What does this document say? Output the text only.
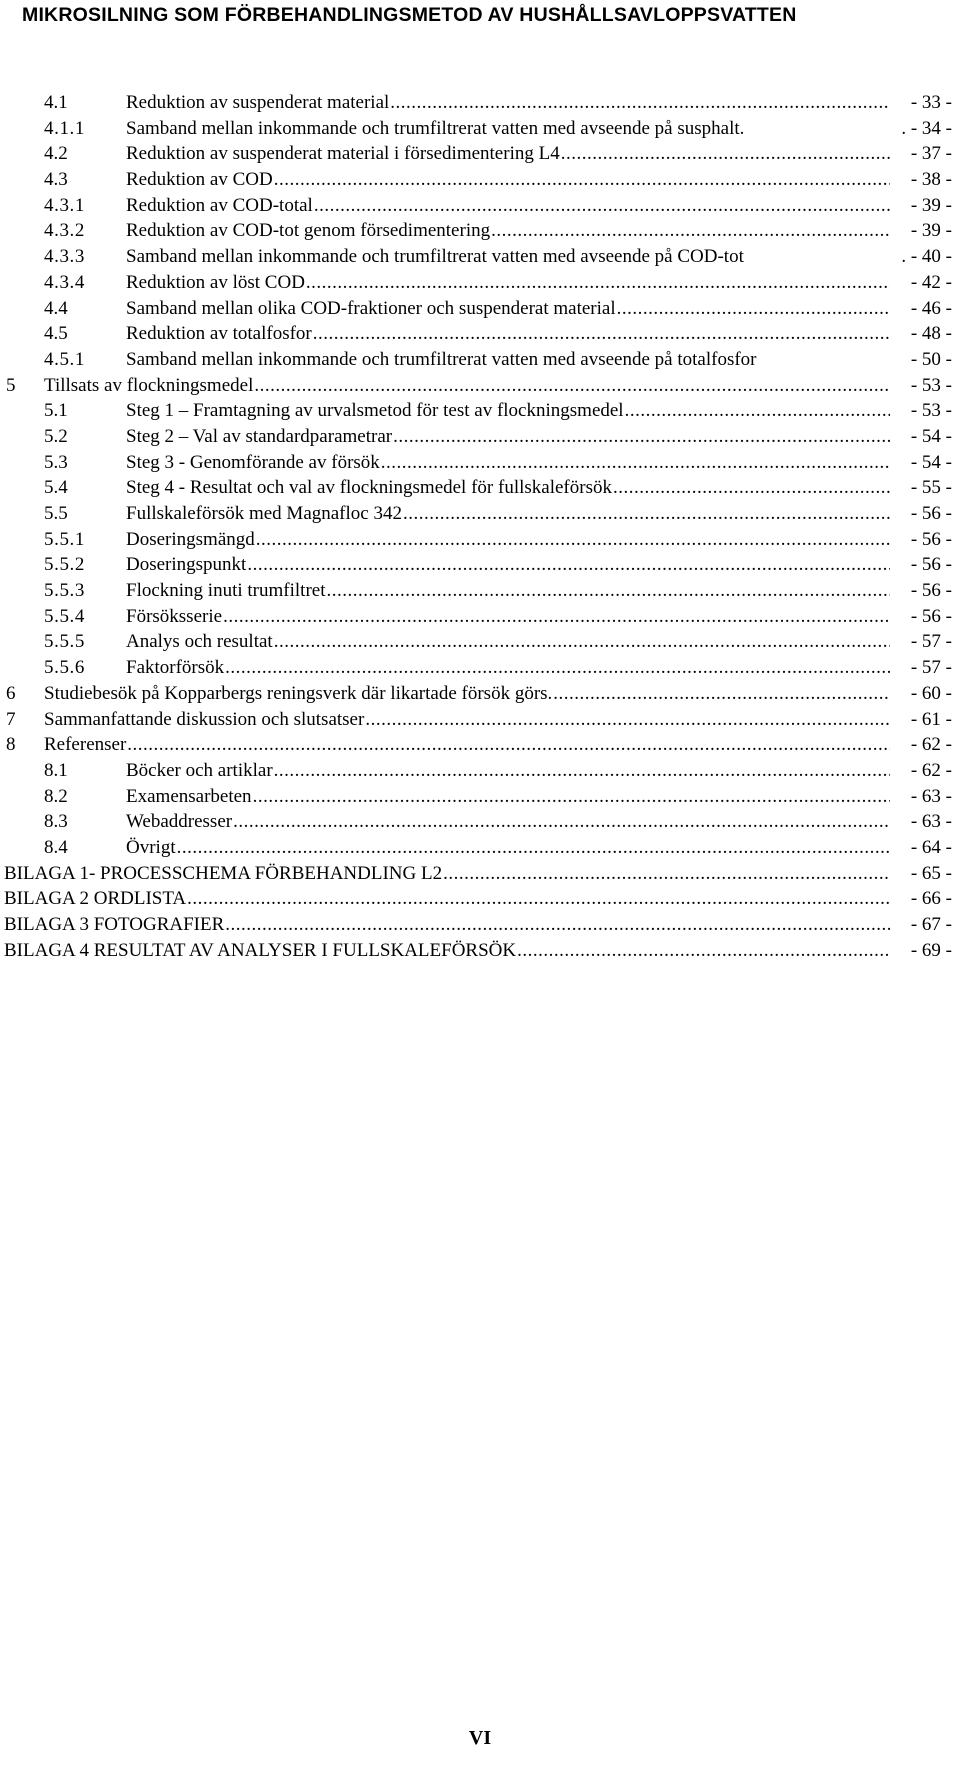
MIKROSILNING SOM FÖRBEHANDLINGSMETOD AV HUSHÅLLSAVLOPPSVATTEN
4.1	Reduktion av suspenderat material .....	- 33 -
4.1.1 Samband mellan inkommande och trumfiltrerat vatten med avseende på susphalt.	. - 34 -
4.2	Reduktion av suspenderat material i försedimentering L4 .....	- 37 -
4.3	Reduktion av COD .....	- 38 -
4.3.1 Reduktion av COD-total .....	- 39 -
4.3.2 Reduktion av COD-tot genom försedimentering .....	- 39 -
4.3.3 Samband mellan inkommande och trumfiltrerat vatten med avseende på COD-tot	. - 40 -
4.3.4 Reduktion av löst COD .....	- 42 -
4.4	Samband mellan olika COD-fraktioner och suspenderat material .....	- 46 -
4.5	Reduktion av totalfosfor .....	- 48 -
4.5.1 Samband mellan inkommande och trumfiltrerat vatten med avseende på totalfosfor	- 50 -
5 Tillsats av flockningsmedel .....	- 53 -
5.1	Steg 1 – Framtagning av urvalsmetod för test av flockningsmedel .....	- 53 -
5.2	Steg 2 – Val av standardparametrar .....	- 54 -
5.3	Steg 3 - Genomförande av försök .....	- 54 -
5.4	Steg 4 - Resultat och val av flockningsmedel för fullskaleförsök .....	- 55 -
5.5	Fullskaleförsök med Magnafloc 342 .....	- 56 -
5.5.1 Doseringsmängd .....	- 56 -
5.5.2 Doseringspunkt .....	- 56 -
5.5.3 Flockning inuti trumfiltret .....	- 56 -
5.5.4 Försöksserie .....	- 56 -
5.5.5 Analys och resultat .....	- 57 -
5.5.6 Faktorförsök .....	- 57 -
6 Studiebesök på Kopparbergs reningsverk där likartade försök görs. .....	- 60 -
7 Sammanfattande diskussion och slutsatser .....	- 61 -
8 Referenser .....	- 62 -
8.1	Böcker och artiklar .....	- 62 -
8.2	Examensarbeten .....	- 63 -
8.3	Webaddresser .....	- 63 -
8.4	Övrigt .....	- 64 -
BILAGA 1- PROCESSCHEMA FÖRBEHANDLING L2 .....	- 65 -
BILAGA 2 ORDLISTA .....	- 66 -
BILAGA 3 FOTOGRAFIER .....	- 67 -
BILAGA 4 RESULTAT AV ANALYSER I FULLSKALEFÖRSÖK .....	- 69 -
VI
